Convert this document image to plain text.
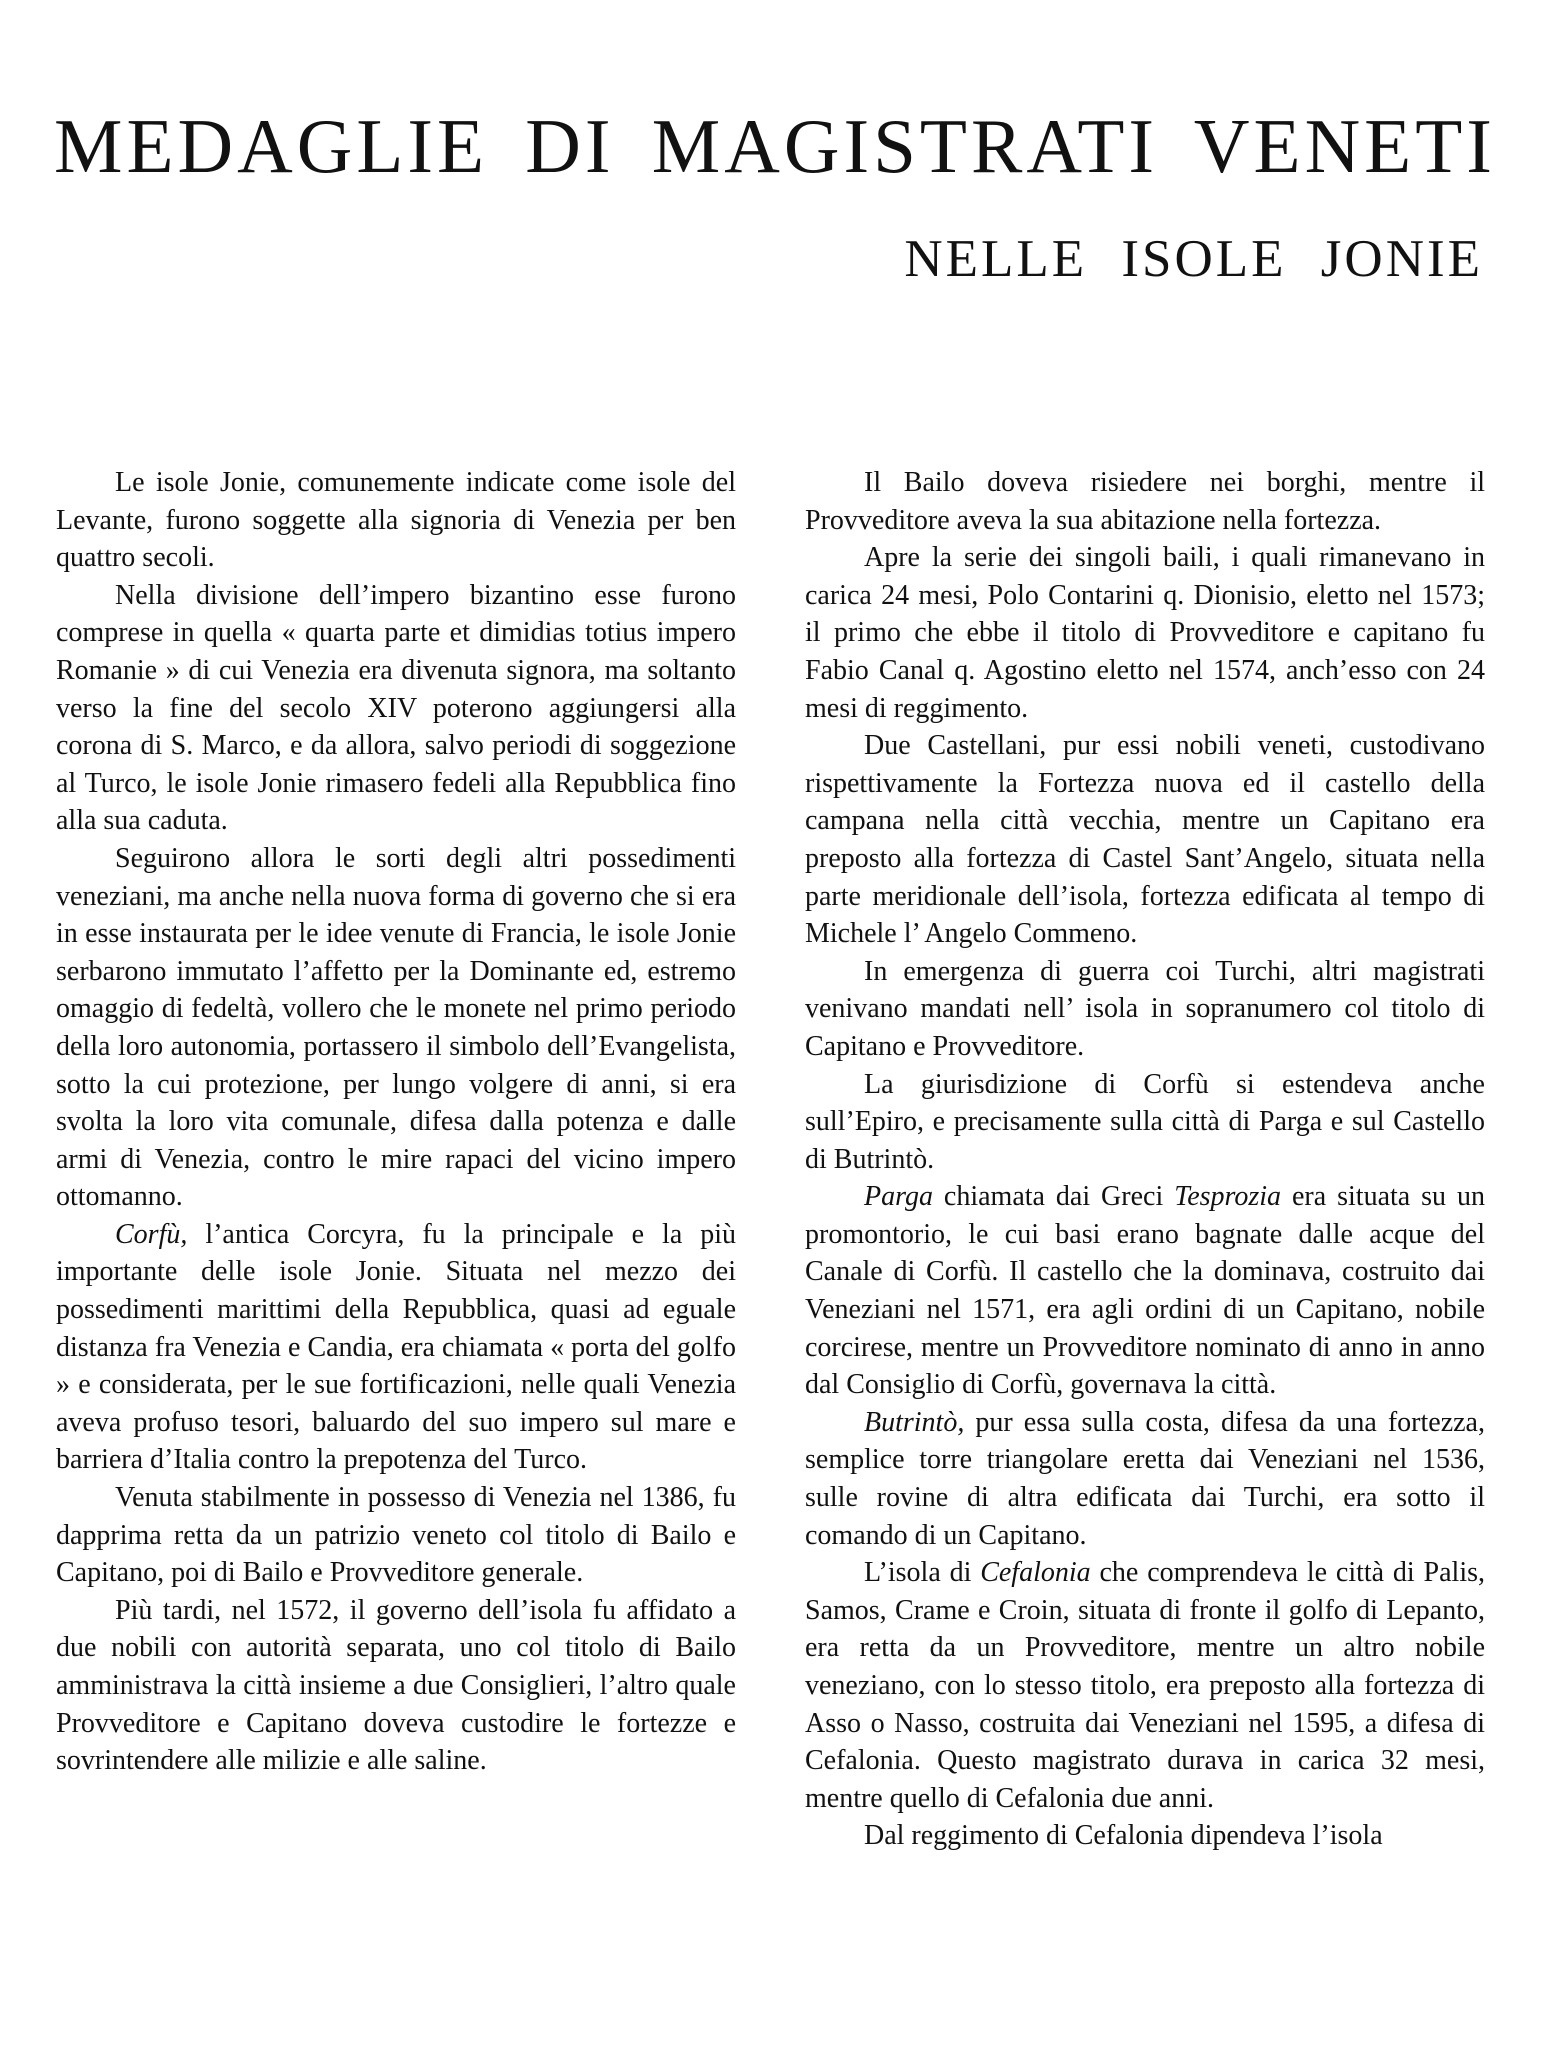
MEDAGLIE DI MAGISTRATI VENETI
NELLE ISOLE JONIE

Le isole Jonie, comunemente indicate come isole del Levante, furono soggette alla signoria di Venezia per ben quattro secoli.

Nella divisione dell’impero bizantino esse furono comprese in quella « quarta parte et dimidias totius impero Romanie » di cui Venezia era divenuta signora, ma soltanto verso la fine del secolo XIV poterono aggiungersi alla corona di S. Marco, e da allora, salvo periodi di soggezione al Turco, le isole Jonie rimasero fedeli alla Repubblica fino alla sua caduta.

Seguirono allora le sorti degli altri possedimenti veneziani, ma anche nella nuova forma di governo che si era in esse instaurata per le idee venute di Francia, le isole Jonie serbarono immutato l’affetto per la Dominante ed, estremo omaggio di fedeltà, vollero che le monete nel primo periodo della loro autonomia, portassero il simbolo dell’Evangelista, sotto la cui protezione, per lungo volgere di anni, si era svolta la loro vita comunale, difesa dalla potenza e dalle armi di Venezia, contro le mire rapaci del vicino impero ottomanno.

Corfù, l’antica Corcyra, fu la principale e la più importante delle isole Jonie. Situata nel mezzo dei possedimenti marittimi della Repubblica, quasi ad eguale distanza fra Venezia e Candia, era chiamata « porta del golfo » e considerata, per le sue fortificazioni, nelle quali Venezia aveva profuso tesori, baluardo del suo impero sul mare e barriera d’Italia contro la prepotenza del Turco.

Venuta stabilmente in possesso di Venezia nel 1386, fu dapprima retta da un patrizio veneto col titolo di Bailo e Capitano, poi di Bailo e Provveditore generale.

Più tardi, nel 1572, il governo dell’isola fu affidato a due nobili con autorità separata, uno col titolo di Bailo amministrava la città insieme a due Consiglieri, l’altro quale Provveditore e Capitano doveva custodire le fortezze e sovrintendere alle milizie e alle saline.

Il Bailo doveva risiedere nei borghi, mentre il Provveditore aveva la sua abitazione nella fortezza.

Apre la serie dei singoli baili, i quali rimanevano in carica 24 mesi, Polo Contarini q. Dionisio, eletto nel 1573; il primo che ebbe il titolo di Provveditore e capitano fu Fabio Canal q. Agostino eletto nel 1574, anch’esso con 24 mesi di reggimento.

Due Castellani, pur essi nobili veneti, custodivano rispettivamente la Fortezza nuova ed il castello della campana nella città vecchia, mentre un Capitano era preposto alla fortezza di Castel Sant’Angelo, situata nella parte meridionale dell’isola, fortezza edificata al tempo di Michele l’ Angelo Commeno.

In emergenza di guerra coi Turchi, altri magistrati venivano mandati nell’ isola in sopranumero col titolo di Capitano e Provveditore.

La giurisdizione di Corfù si estendeva anche sull’Epiro, e precisamente sulla città di Parga e sul Castello di Butrintò.

Parga chiamata dai Greci Tesprozia era situata su un promontorio, le cui basi erano bagnate dalle acque del Canale di Corfù. Il castello che la dominava, costruito dai Veneziani nel 1571, era agli ordini di un Capitano, nobile corcirese, mentre un Provveditore nominato di anno in anno dal Consiglio di Corfù, governava la città.

Butrintò, pur essa sulla costa, difesa da una fortezza, semplice torre triangolare eretta dai Veneziani nel 1536, sulle rovine di altra edificata dai Turchi, era sotto il comando di un Capitano.

L’isola di Cefalonia che comprendeva le città di Palis, Samos, Crame e Croin, situata di fronte il golfo di Lepanto, era retta da un Provveditore, mentre un altro nobile veneziano, con lo stesso titolo, era preposto alla fortezza di Asso o Nasso, costruita dai Veneziani nel 1595, a difesa di Cefalonia. Questo magistrato durava in carica 32 mesi, mentre quello di Cefalonia due anni.

Dal reggimento di Cefalonia dipendeva l’isola
